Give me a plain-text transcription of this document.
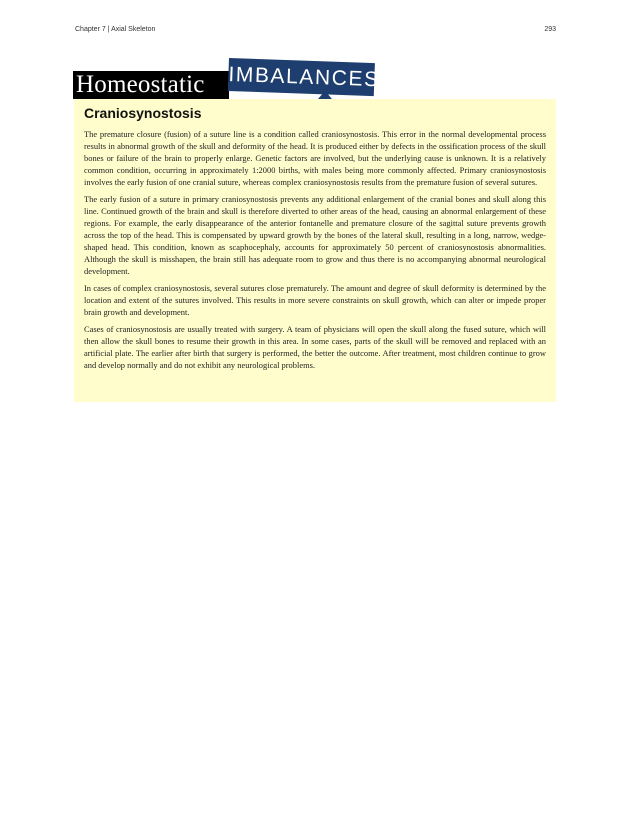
Chapter 7 | Axial Skeleton	293
Homeostatic	IMBALANCES
Craniosynostosis

The premature closure (fusion) of a suture line is a condition called craniosynostosis. This error in the normal developmental process results in abnormal growth of the skull and deformity of the head. It is produced either by defects in the ossification process of the skull bones or failure of the brain to properly enlarge. Genetic factors are involved, but the underlying cause is unknown. It is a relatively common condition, occurring in approximately 1:2000 births, with males being more commonly affected. Primary craniosynostosis involves the early fusion of one cranial suture, whereas complex craniosynostosis results from the premature fusion of several sutures.

The early fusion of a suture in primary craniosynostosis prevents any additional enlargement of the cranial bones and skull along this line. Continued growth of the brain and skull is therefore diverted to other areas of the head, causing an abnormal enlargement of these regions. For example, the early disappearance of the anterior fontanelle and premature closure of the sagittal suture prevents growth across the top of the head. This is compensated by upward growth by the bones of the lateral skull, resulting in a long, narrow, wedge-shaped head. This condition, known as scaphocephaly, accounts for approximately 50 percent of craniosynostosis abnormalities. Although the skull is misshapen, the brain still has adequate room to grow and thus there is no accompanying abnormal neurological development.

In cases of complex craniosynostosis, several sutures close prematurely. The amount and degree of skull deformity is determined by the location and extent of the sutures involved. This results in more severe constraints on skull growth, which can alter or impede proper brain growth and development.

Cases of craniosynostosis are usually treated with surgery. A team of physicians will open the skull along the fused suture, which will then allow the skull bones to resume their growth in this area. In some cases, parts of the skull will be removed and replaced with an artificial plate. The earlier after birth that surgery is performed, the better the outcome. After treatment, most children continue to grow and develop normally and do not exhibit any neurological problems.
